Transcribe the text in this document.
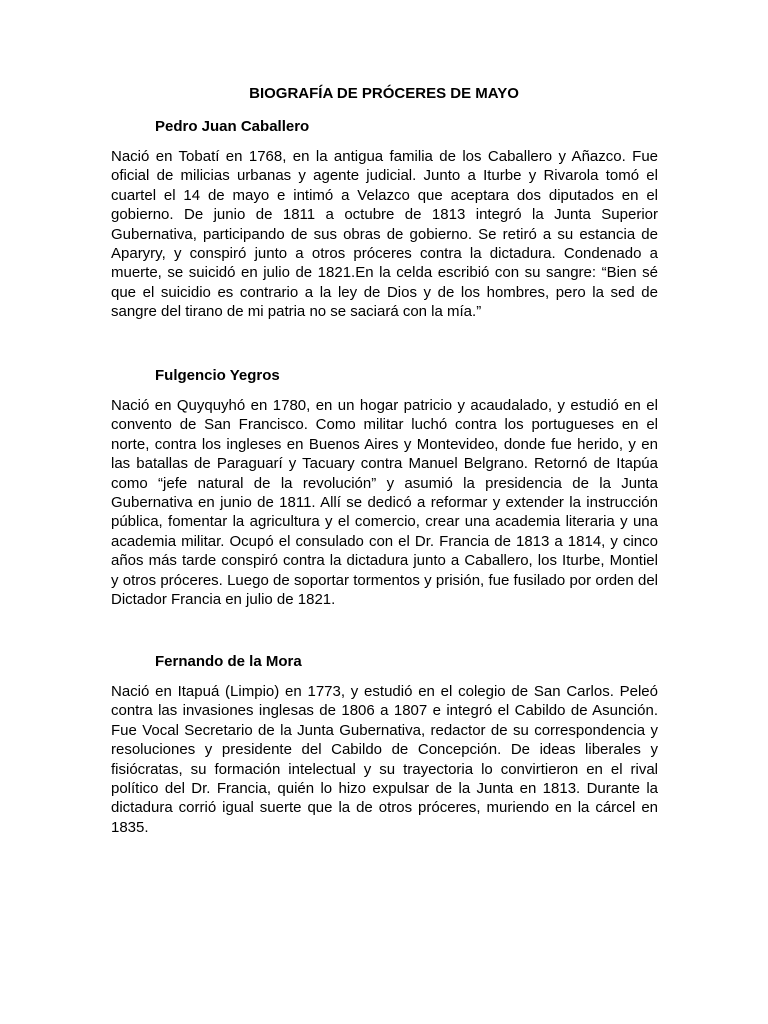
BIOGRAFÍA DE PRÓCERES DE MAYO
Pedro Juan Caballero

Nació en Tobatí en 1768, en la antigua familia de los Caballero y Añazco. Fue oficial de milicias urbanas y agente judicial. Junto a Iturbe y Rivarola tomó el cuartel el 14 de mayo e intimó a Velazco que aceptara dos diputados en el gobierno. De junio de 1811 a octubre de 1813 integró la Junta Superior Gubernativa, participando de sus obras de gobierno. Se retiró a su estancia de Aparyry, y conspiró junto a otros próceres contra la dictadura. Condenado a muerte, se suicidó en julio de 1821.En la celda escribió con su sangre: “Bien sé que el suicidio es contrario a la ley de Dios y de los hombres, pero la sed de sangre del tirano de mi patria no se saciará con la mía.”

Fulgencio Yegros

Nació en Quyquyhó en 1780, en un hogar patricio y acaudalado, y estudió en el convento de San Francisco. Como militar luchó contra los portugueses en el norte, contra los ingleses en Buenos Aires y Montevideo, donde fue herido, y en las batallas de Paraguarí y Tacuary contra Manuel Belgrano. Retornó de Itapúa como “jefe natural de la revolución” y asumió la presidencia de la Junta Gubernativa en junio de 1811. Allí se dedicó a reformar y extender la instrucción pública, fomentar la agricultura y el comercio, crear una academia literaria y una academia militar. Ocupó el consulado con el Dr. Francia de 1813 a 1814, y cinco años más tarde conspiró contra la dictadura junto a Caballero, los Iturbe, Montiel y otros próceres. Luego de soportar tormentos y prisión, fue fusilado por orden del Dictador Francia en julio de 1821.

Fernando de la Mora

Nació en Itapuá (Limpio) en 1773, y estudió en el colegio de San Carlos. Peleó contra las invasiones inglesas de 1806 a 1807 e integró el Cabildo de Asunción. Fue Vocal Secretario de la Junta Gubernativa, redactor de su correspondencia y resoluciones y presidente del Cabildo de Concepción. De ideas liberales y fisiócratas, su formación intelectual y su trayectoria lo convirtieron en el rival político del Dr. Francia, quién lo hizo expulsar de la Junta en 1813. Durante la dictadura corrió igual suerte que la de otros próceres, muriendo en la cárcel en 1835.
